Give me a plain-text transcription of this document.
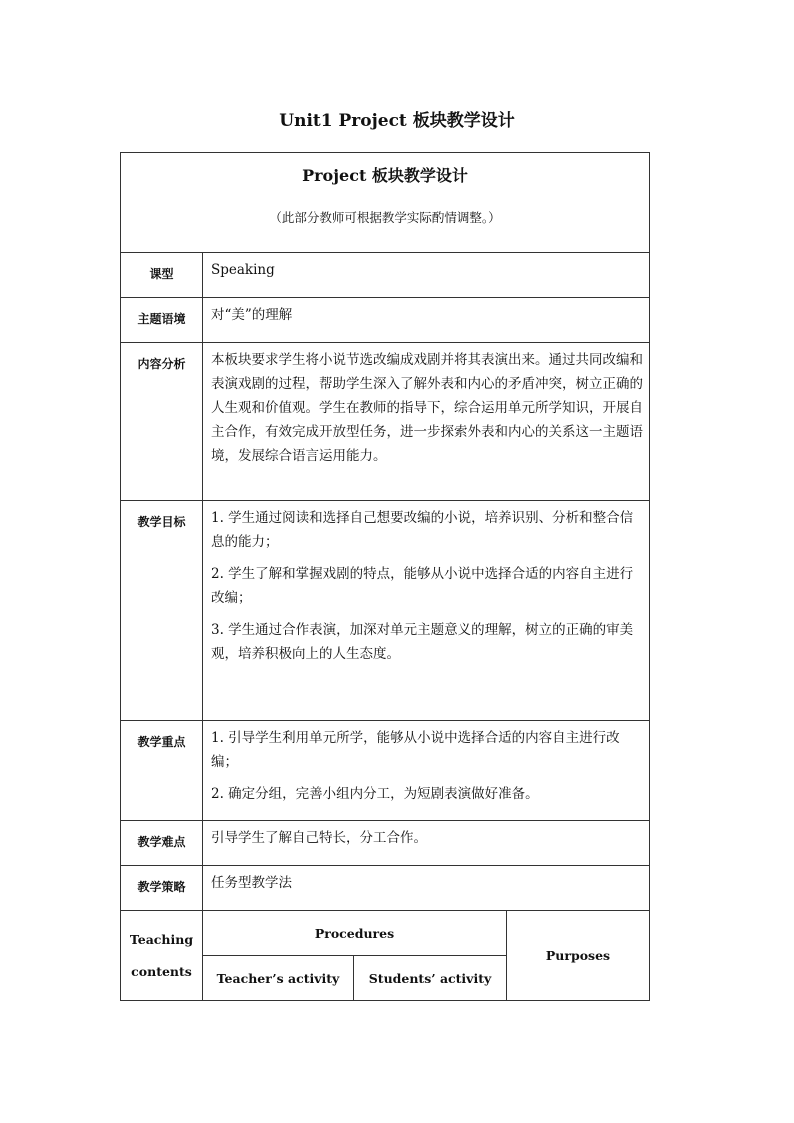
Unit1 Project 板块教学设计
Project 板块教学设计
（此部分教师可根据教学实际酌情调整。）			

课型	Speaking		
主题语境	对“美”的理解		
内容分析	本板块要求学生将小说节选改编成戏剧并将其表演出来。通过共同改编和表演戏剧的过程，帮助学生深入了解外表和内心的矛盾冲突，树立正确的人生观和价值观。学生在教师的指导下，综合运用单元所学知识，开展自主合作，有效完成开放型任务，进一步探索外表和内心的关系这一主题语境，发展综合语言运用能力。		
教学目标	1. 学生通过阅读和选择自己想要改编的小说，培养识别、分析和整合信息的能力；

2. 学生了解和掌握戏剧的特点，能够从小说中选择合适的内容自主进行改编；

3. 学生通过合作表演，加深对单元主题意义的理解，树立的正确的审美观，培养积极向上的人生态度。		

教学重点	1. 引导学生利用单元所学，能够从小说中选择合适的内容自主进行改编；

2. 确定分组，完善小组内分工，为短剧表演做好准备。		

教学难点	引导学生了解自己特长，分工合作。		
教学策略	任务型教学法		

Teaching
contents	Procedures		Purposes
	Teacher’s activity	Students’ activity	
